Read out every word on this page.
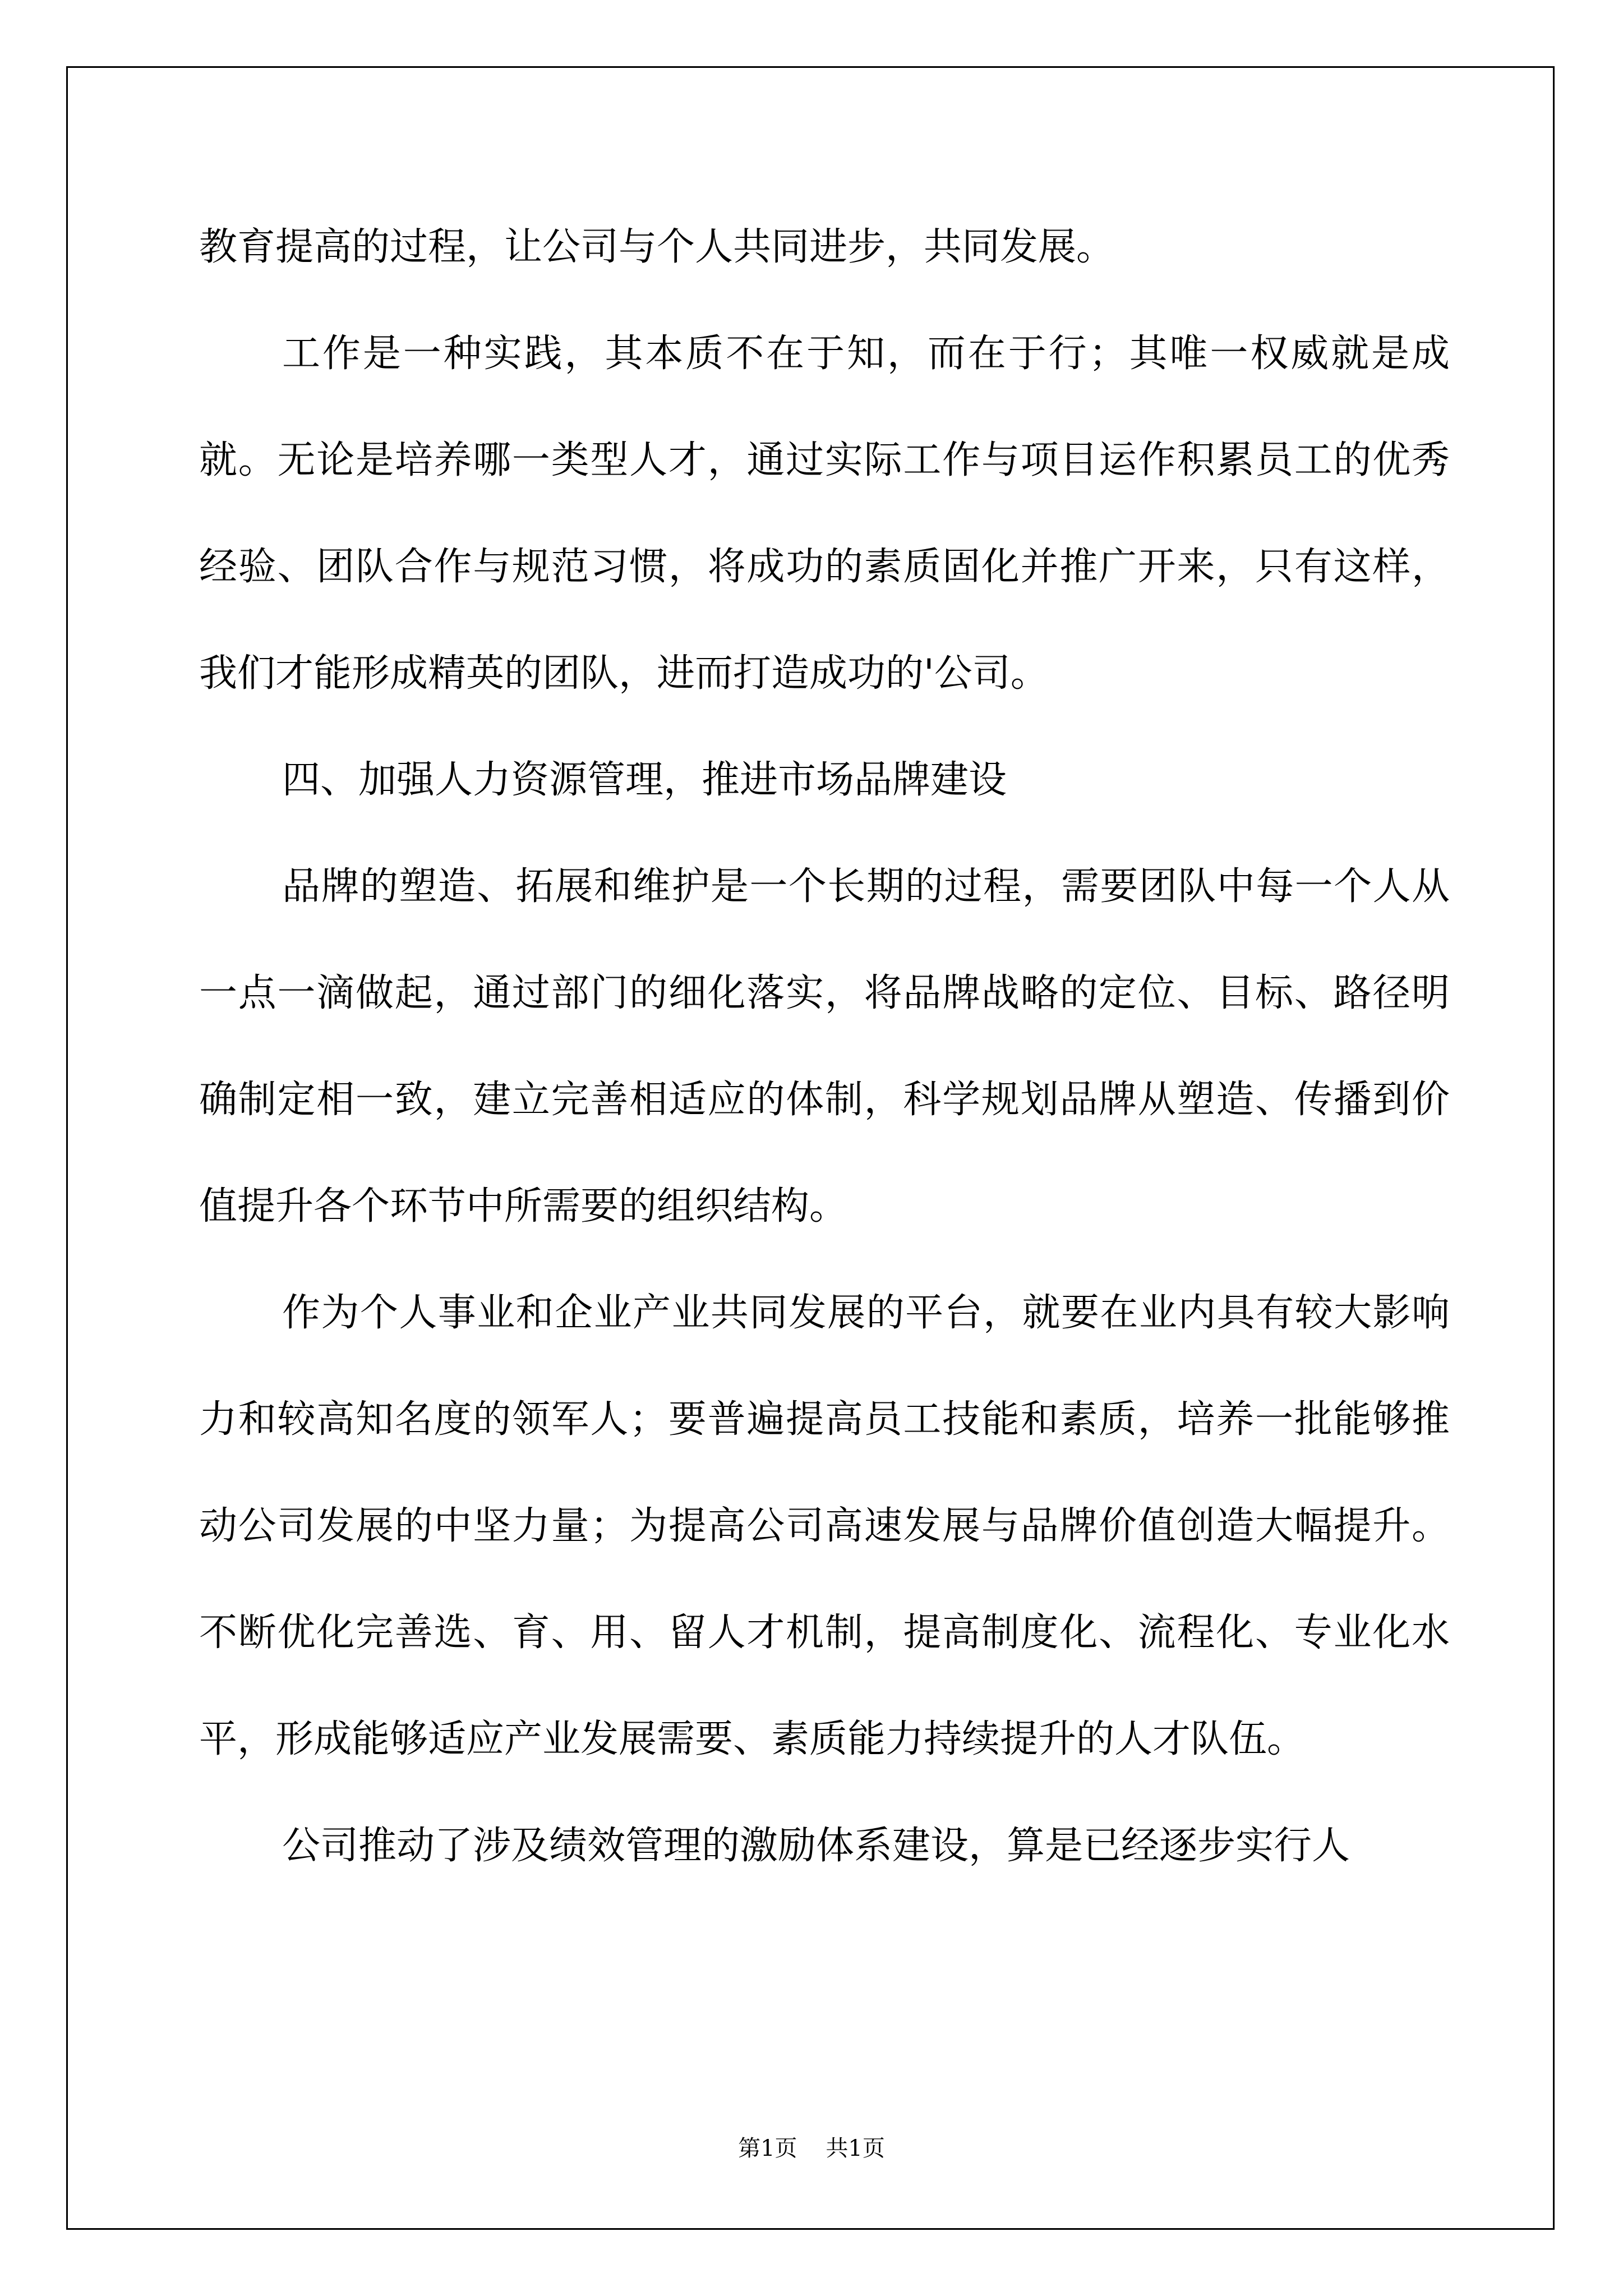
教育提高的过程，让公司与个人共同进步，共同发展。

工作是一种实践，其本质不在于知，而在于行；其唯一权威就是成就。无论是培养哪一类型人才，通过实际工作与项目运作积累员工的优秀经验、团队合作与规范习惯，将成功的素质固化并推广开来，只有这样，我们才能形成精英的团队，进而打造成功的'公司。

四、加强人力资源管理，推进市场品牌建设

品牌的塑造、拓展和维护是一个长期的过程，需要团队中每一个人从一点一滴做起，通过部门的细化落实，将品牌战略的定位、目标、路径明确制定相一致，建立完善相适应的体制，科学规划品牌从塑造、传播到价值提升各个环节中所需要的组织结构。

作为个人事业和企业产业共同发展的平台，就要在业内具有较大影响力和较高知名度的领军人；要普遍提高员工技能和素质，培养一批能够推动公司发展的中坚力量；为提高公司高速发展与品牌价值创造大幅提升。不断优化完善选、育、用、留人才机制，提高制度化、流程化、专业化水平，形成能够适应产业发展需要、素质能力持续提升的人才队伍。

公司推动了涉及绩效管理的激励体系建设，算是已经逐步实行人

第1页 共1页
